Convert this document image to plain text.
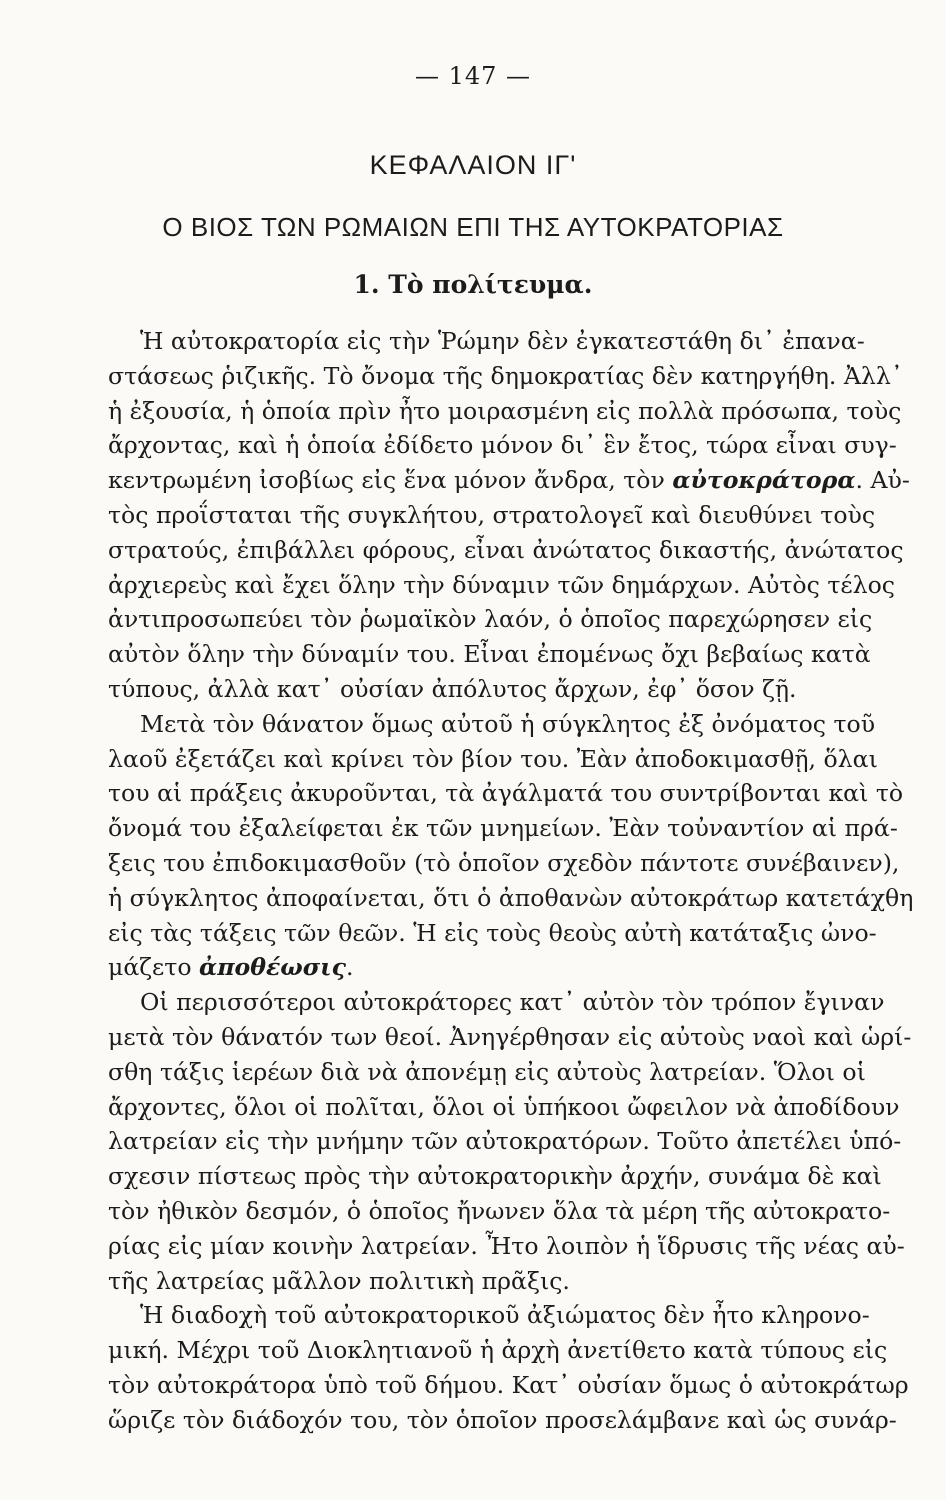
— 147 —
ΚΕΦΑΛΑΙΟΝ ΙΓ'
Ο ΒΙΟΣ ΤΩΝ ΡΩΜΑΙΩΝ ΕΠΙ ΤΗΣ ΑΥΤΟΚΡΑΤΟΡΙΑΣ
1. Τὸ πολίτευμα.
Ἡ αὐτοκρατορία εἰς τὴν Ῥώμην δὲν ἐγκατεστάθη δι᾽ ἐπανα-
στάσεως ῥιζικῆς. Τὸ ὄνομα τῆς δημοκρατίας δὲν κατηργήθη. Ἀλλ᾽
ἡ ἐξουσία, ἡ ὁποία πρὶν ἦτο μοιρασμένη εἰς πολλὰ πρόσωπα, τοὺς
ἄρχοντας, καὶ ἡ ὁποία ἐδίδετο μόνον δι᾽ ἓν ἔτος, τώρα εἶναι συγ-
κεντρωμένη ἰσοβίως εἰς ἕνα μόνον ἄνδρα, τὸν αὐτοκράτορα. Αὐ-
τὸς προΐσταται τῆς συγκλήτου, στρατολογεῖ καὶ διευθύνει τοὺς
στρατούς, ἐπιβάλλει φόρους, εἶναι ἀνώτατος δικαστής, ἀνώτατος
ἀρχιερεὺς καὶ ἔχει ὅλην τὴν δύναμιν τῶν δημάρχων. Αὐτὸς τέλος
ἀντιπροσωπεύει τὸν ῥωμαϊκὸν λαόν, ὁ ὁποῖος παρεχώρησεν εἰς
αὐτὸν ὅλην τὴν δύναμίν του. Εἶναι ἐπομένως ὄχι βεβαίως κατὰ
τύπους, ἀλλὰ κατ᾽ οὐσίαν ἀπόλυτος ἄρχων, ἐφ᾽ ὅσον ζῇ.
Μετὰ τὸν θάνατον ὅμως αὐτοῦ ἡ σύγκλητος ἐξ ὀνόματος τοῦ
λαοῦ ἐξετάζει καὶ κρίνει τὸν βίον του. Ἐὰν ἀποδοκιμασθῇ, ὅλαι
του αἱ πράξεις ἀκυροῦνται, τὰ ἀγάλματά του συντρίβονται καὶ τὸ
ὄνομά του ἐξαλείφεται ἐκ τῶν μνημείων. Ἐὰν τοὐναντίον αἱ πρά-
ξεις του ἐπιδοκιμασθοῦν (τὸ ὁποῖον σχεδὸν πάντοτε συνέβαινεν),
ἡ σύγκλητος ἀποφαίνεται, ὅτι ὁ ἀποθανὼν αὐτοκράτωρ κατετάχθη
εἰς τὰς τάξεις τῶν θεῶν. Ἡ εἰς τοὺς θεοὺς αὐτὴ κατάταξις ὠνο-
μάζετο ἀποθέωσις.
Οἱ περισσότεροι αὐτοκράτορες κατ᾽ αὐτὸν τὸν τρόπον ἔγιναν
μετὰ τὸν θάνατόν των θεοί. Ἀνηγέρθησαν εἰς αὐτοὺς ναοὶ καὶ ὡρί-
σθη τάξις ἱερέων διὰ νὰ ἀπονέμῃ εἰς αὐτοὺς λατρείαν. Ὅλοι οἱ
ἄρχοντες, ὅλοι οἱ πολῖται, ὅλοι οἱ ὑπήκοοι ὤφειλον νὰ ἀποδίδουν
λατρείαν εἰς τὴν μνήμην τῶν αὐτοκρατόρων. Τοῦτο ἀπετέλει ὑπό-
σχεσιν πίστεως πρὸς τὴν αὐτοκρατορικὴν ἀρχήν, συνάμα δὲ καὶ
τὸν ἠθικὸν δεσμόν, ὁ ὁποῖος ἤνωνεν ὅλα τὰ μέρη τῆς αὐτοκρατο-
ρίας εἰς μίαν κοινὴν λατρείαν. Ἦτο λοιπὸν ἡ ἵδρυσις τῆς νέας αὐ-
τῆς λατρείας μᾶλλον πολιτικὴ πρᾶξις.
Ἡ διαδοχὴ τοῦ αὐτοκρατορικοῦ ἀξιώματος δὲν ἦτο κληρονο-
μική. Μέχρι τοῦ Διοκλητιανοῦ ἡ ἀρχὴ ἀνετίθετο κατὰ τύπους εἰς
τὸν αὐτοκράτορα ὑπὸ τοῦ δήμου. Κατ᾽ οὐσίαν ὅμως ὁ αὐτοκράτωρ
ὥριζε τὸν διάδοχόν του, τὸν ὁποῖον προσελάμβανε καὶ ὡς συνάρ-
